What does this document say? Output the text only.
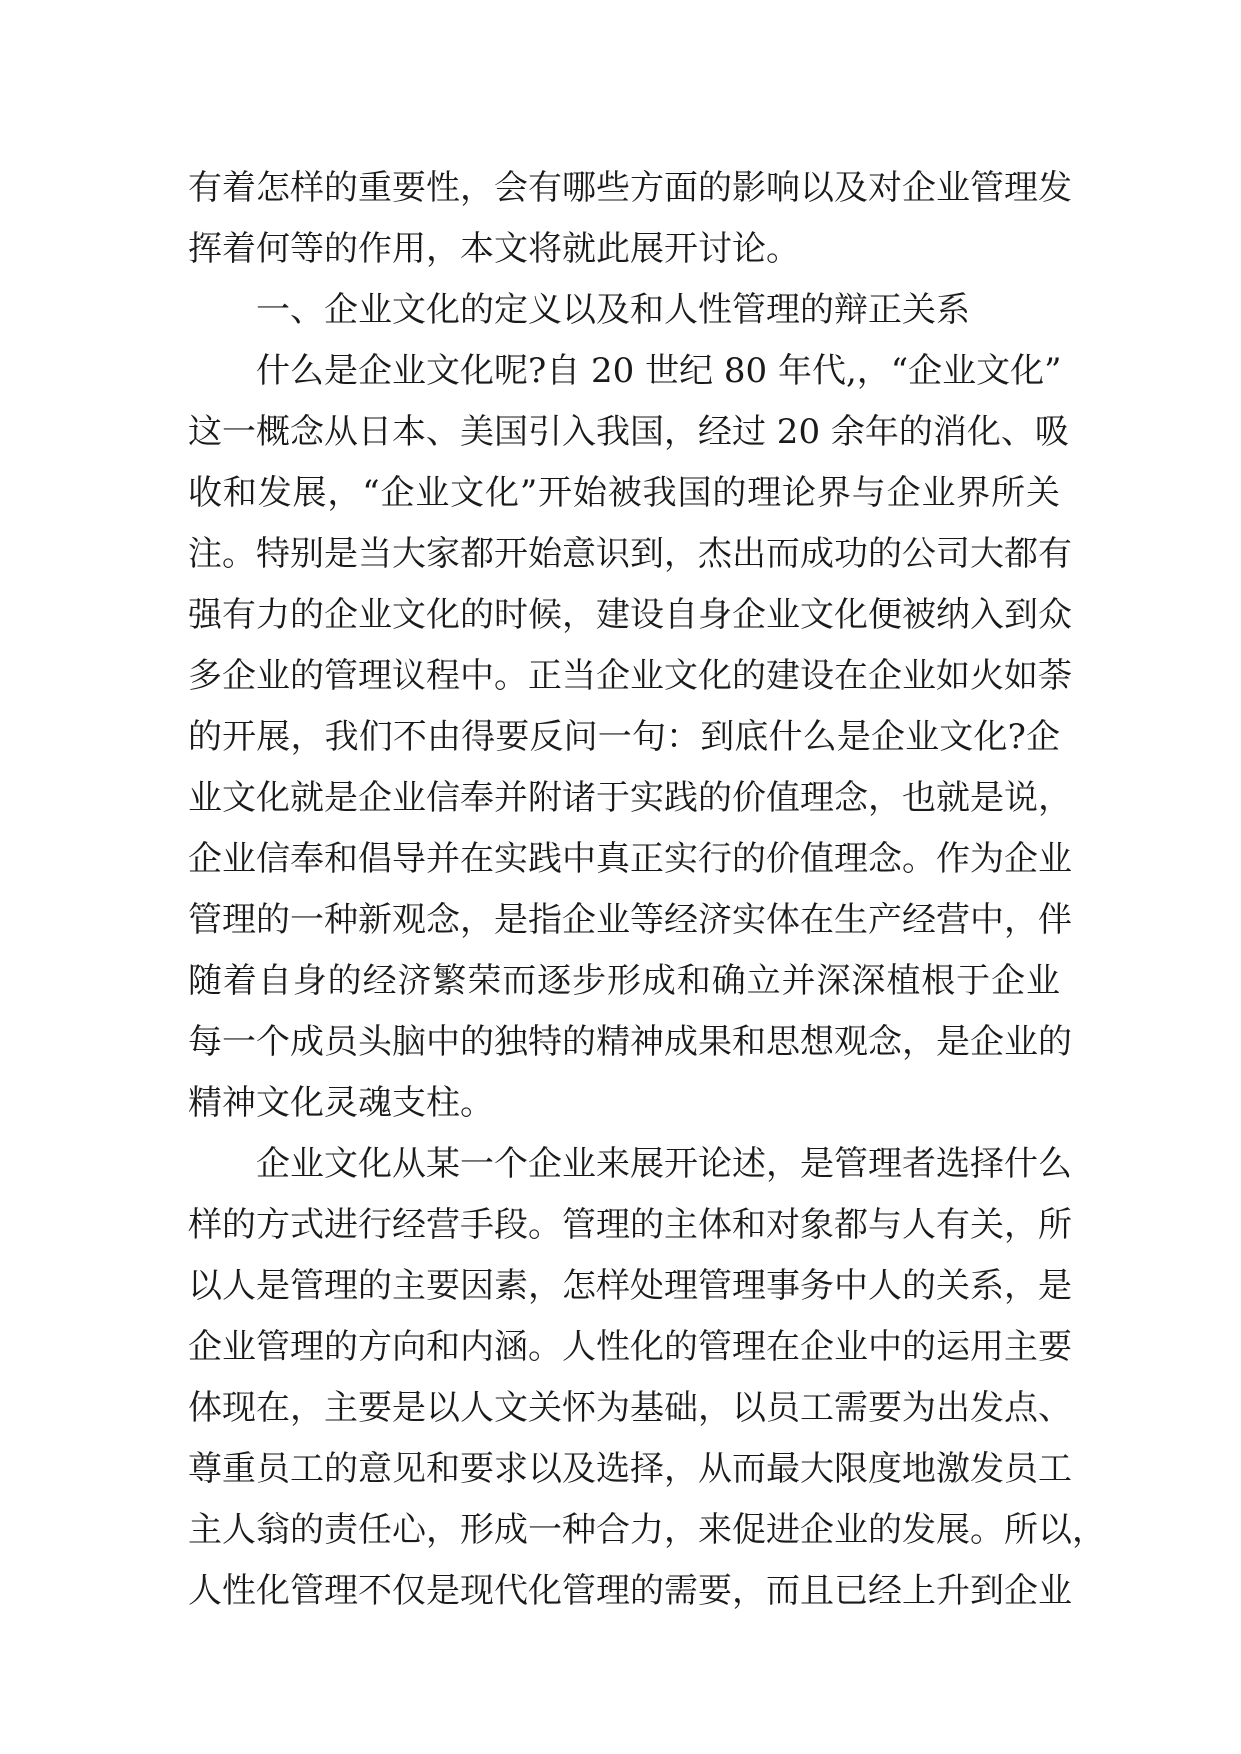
有着怎样的重要性，会有哪些方面的影响以及对企业管理发
挥着何等的作用，本文将就此展开讨论。
一、企业文化的定义以及和人性管理的辩正关系
什么是企业文化呢?自 20 世纪 80 年代,，“企业文化”
这一概念从日本、美国引入我国，经过 20 余年的消化、吸
收和发展，“企业文化”开始被我国的理论界与企业界所关
注。特别是当大家都开始意识到，杰出而成功的公司大都有
强有力的企业文化的时候，建设自身企业文化便被纳入到众
多企业的管理议程中。正当企业文化的建设在企业如火如荼
的开展，我们不由得要反问一句：到底什么是企业文化?企
业文化就是企业信奉并附诸于实践的价值理念，也就是说，
企业信奉和倡导并在实践中真正实行的价值理念。作为企业
管理的一种新观念，是指企业等经济实体在生产经营中，伴
随着自身的经济繁荣而逐步形成和确立并深深植根于企业
每一个成员头脑中的独特的精神成果和思想观念，是企业的
精神文化灵魂支柱。
企业文化从某一个企业来展开论述，是管理者选择什么
样的方式进行经营手段。管理的主体和对象都与人有关，所
以人是管理的主要因素，怎样处理管理事务中人的关系，是
企业管理的方向和内涵。人性化的管理在企业中的运用主要
体现在，主要是以人文关怀为基础，以员工需要为出发点、
尊重员工的意见和要求以及选择，从而最大限度地激发员工
主人翁的责任心，形成一种合力，来促进企业的发展。所以，
人性化管理不仅是现代化管理的需要，而且已经上升到企业
